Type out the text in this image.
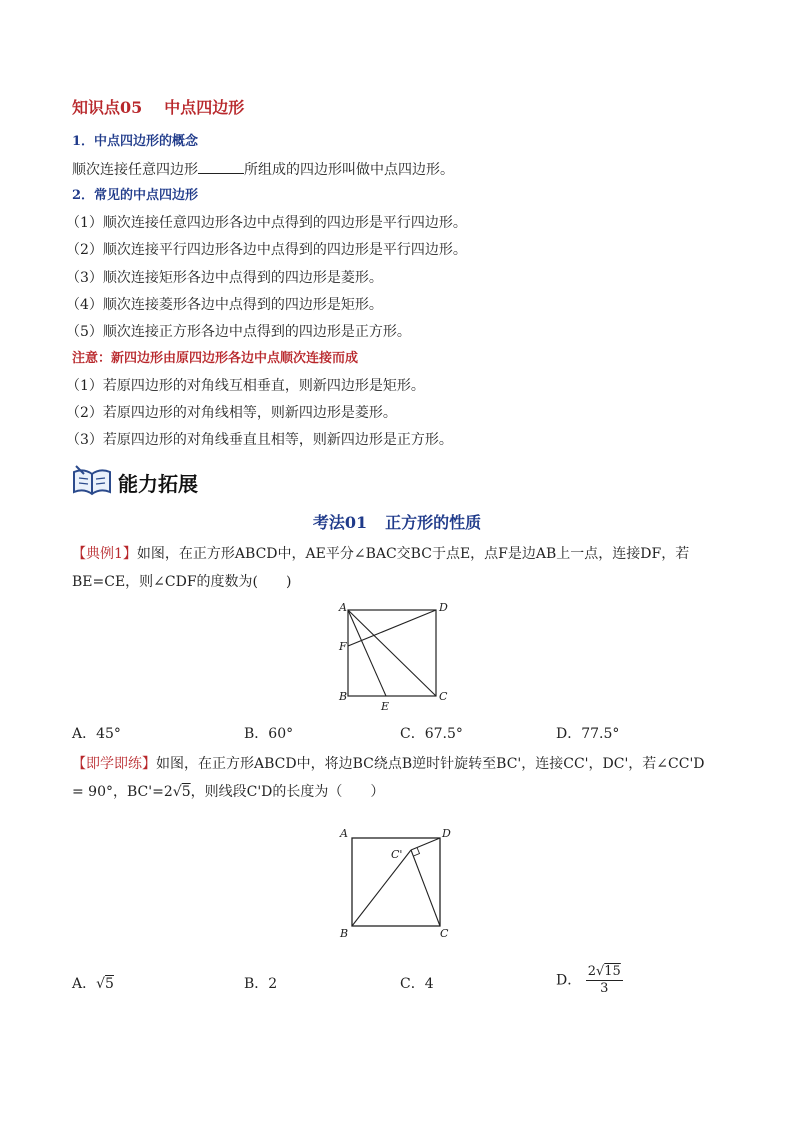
知识点05 中点四边形
1．中点四边形的概念
顺次连接任意四边形	所组成的四边形叫做中点四边形。
2．常见的中点四边形
（1）顺次连接任意四边形各边中点得到的四边形是平行四边形。
（2）顺次连接平行四边形各边中点得到的四边形是平行四边形。
（3）顺次连接矩形各边中点得到的四边形是菱形。
（4）顺次连接菱形各边中点得到的四边形是矩形。
（5）顺次连接正方形各边中点得到的四边形是正方形。
注意：新四边形由原四边形各边中点顺次连接而成
（1）若原四边形的对角线互相垂直，则新四边形是矩形。
（2）若原四边形的对角线相等，则新四边形是菱形。
（3）若原四边形的对角线垂直且相等，则新四边形是正方形。
能力拓展
考法01 正方形的性质
【典例1】如图，在正方形ABCD中，AE平分∠BAC交BC于点E，点F是边AB上一点，连接DF，若
BE=CE，则∠CDF的度数为(　　)
A	D
F
B	C
E
A．45°	B．60°	C．67.5°	D．77.5°
【即学即练】如图，在正方形ABCD中，将边BC绕点B逆时针旋转至BC'，连接CC'，DC'，若∠CC'D
= 90°，BC'=2√5，则线段C'D的长度为（　　）
A	D
C'
B	C
A．√5	B．2	C．4	D． $\frac{2√15}{3}$
